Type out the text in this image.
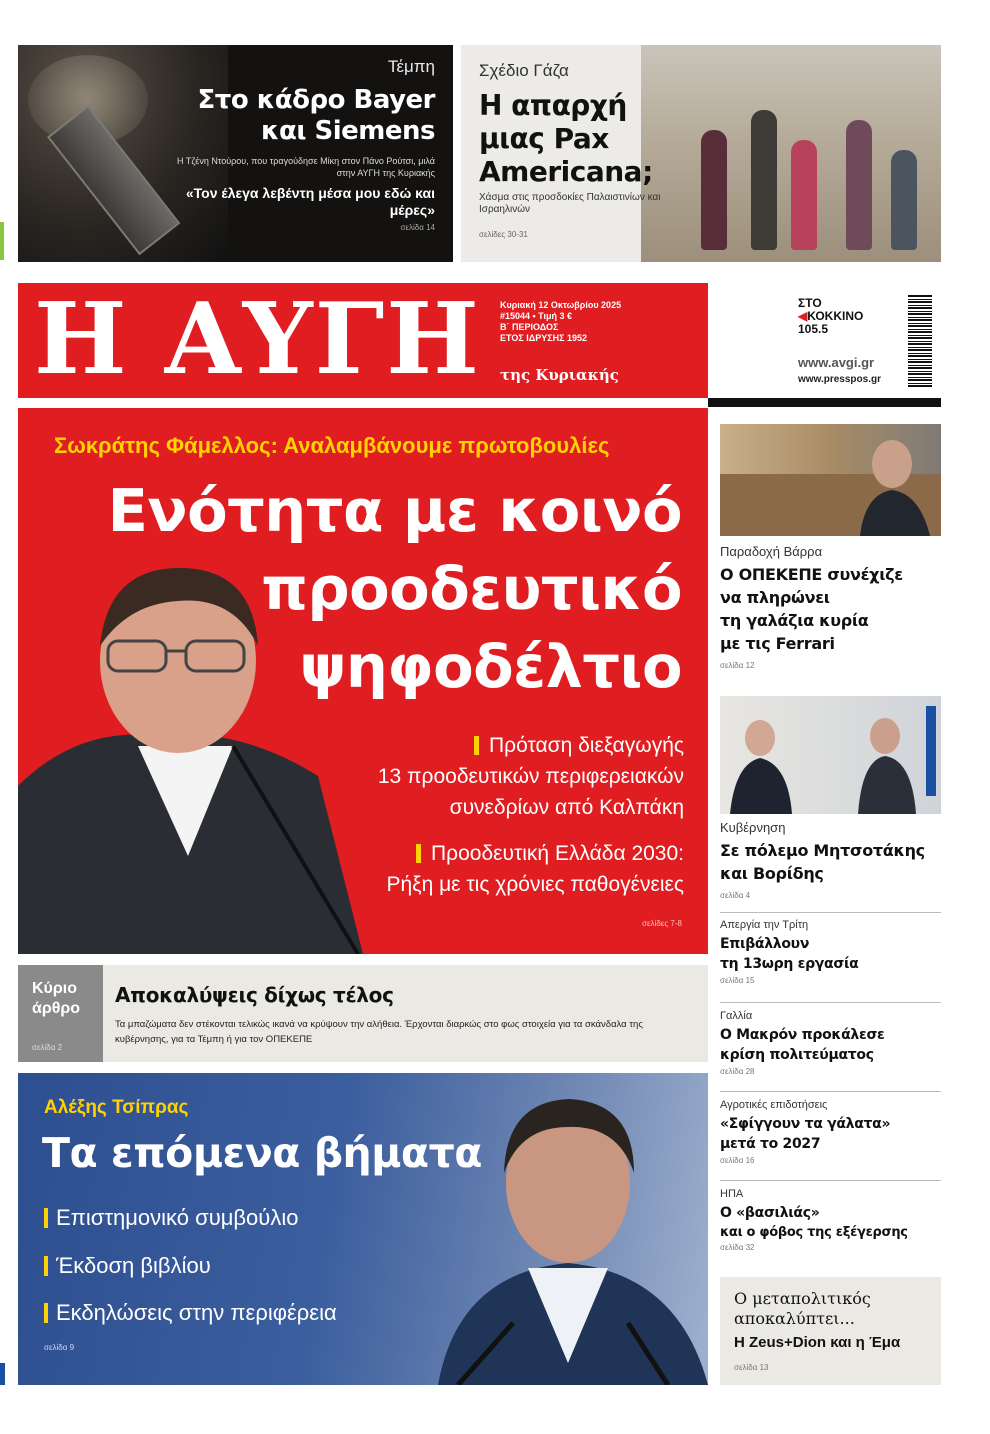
Τέμπη
Στο κάδρο Bayer
και Siemens
Η Τζένη Ντούρου, που τραγούδησε Μίκη στον Πάνο Ρούτσι, μιλά στην ΑΥΓΗ της Κυριακής
«Τον έλεγα λεβέντη μέσα μου εδώ και μέρες»
σελίδα 14
Σχέδιο Γάζα
Η απαρχή
μιας Pax
Americana;
Χάσμα στις προσδοκίες Παλαιστινίων και Ισραηλινών
σελίδες 30-31
Η ΑΥΓΗ Κυριακή 12 Οκτωβρίου 2025
#15044 • Τιμή 3 €
Β΄ ΠΕΡΙΟΔΟΣ
ΕΤΟΣ ΙΔΡΥΣΗΣ 1952
της Κυριακής
ΣΤΟ
◀ΚΟΚΚΙΝΟ
105.5
www.avgi.gr
www.presspos.gr
Σωκράτης Φάμελλος: Αναλαμβάνουμε πρωτοβουλίες
Ενότητα με κοινό
προοδευτικό
ψηφοδέλτιο
Πρόταση διεξαγωγής
13 προοδευτικών περιφερειακών
συνεδρίων από Καλπάκη
Προοδευτική Ελλάδα 2030:
Ρήξη με τις χρόνιες παθογένειες
σελίδες 7-8
Παραδοχή Βάρρα
Ο ΟΠΕΚΕΠΕ συνέχιζε
να πληρώνει
τη γαλάζια κυρία
με τις Ferrari
σελίδα 12
Κυβέρνηση
Σε πόλεμο Μητσοτάκης
και Βορίδης
σελίδα 4
Απεργία την Τρίτη
Επιβάλλουν
τη 13ωρη εργασία
σελίδα 15
Γαλλία
Ο Μακρόν προκάλεσε
κρίση πολιτεύματος
σελίδα 28
Αγροτικές επιδοτήσεις
«Σφίγγουν τα γάλατα»
μετά το 2027
σελίδα 16
ΗΠΑ
Ο «βασιλιάς»
και ο φόβος της εξέγερσης
σελίδα 32
Κύριο
άρθρο
σελίδα 2
Αποκαλύψεις δίχως τέλος
Τα μπαζώματα δεν στέκονται τελικώς ικανά να κρύψουν την αλήθεια. Έρχονται διαρκώς στο φως στοιχεία για τα σκάνδαλα της κυβέρνησης, για τα Τέμπη ή για τον ΟΠΕΚΕΠΕ
Αλέξης Τσίπρας
Τα επόμενα βήματα
Επιστημονικό συμβούλιο
Έκδοση βιβλίου
Εκδηλώσεις στην περιφέρεια
σελίδα 9
Ο μεταπολιτικός
αποκαλύπτει...
Η Zeus+Dion και η Έμα
σελίδα 13
